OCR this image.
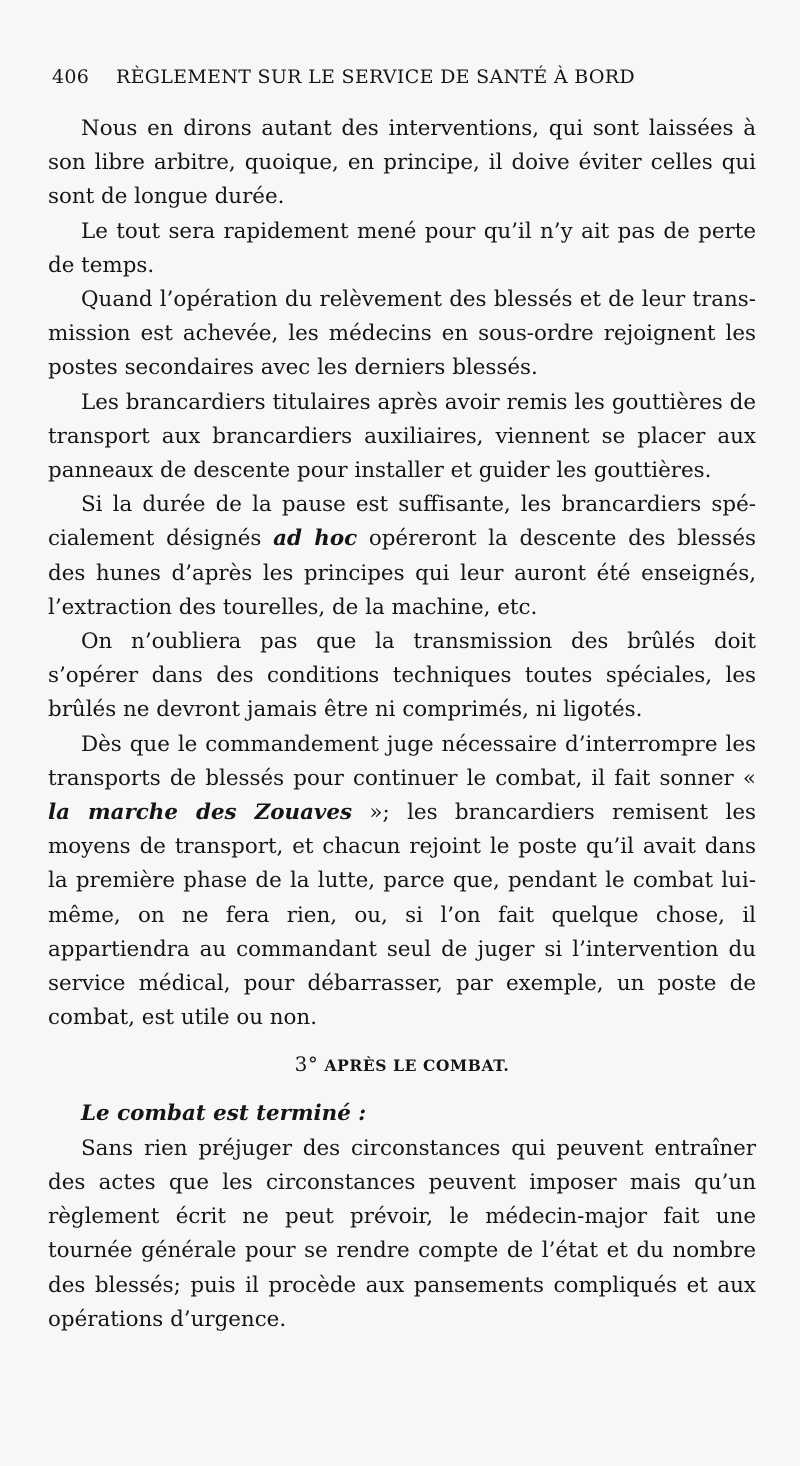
406 RÈGLEMENT SUR LE SERVICE DE SANTÉ À BORD

Nous en dirons autant des interventions, qui sont laissées à son libre arbitre, quoique, en principe, il doive éviter celles qui sont de longue durée.

Le tout sera rapidement mené pour qu’il n’y ait pas de perte de temps.

Quand l’opération du relèvement des blessés et de leur transmission est achevée, les médecins en sous-ordre rejoignent les postes secondaires avec les derniers blessés.

Les brancardiers titulaires après avoir remis les gouttières de transport aux brancardiers auxiliaires, viennent se placer aux panneaux de descente pour installer et guider les gouttières.

Si la durée de la pause est suffisante, les brancardiers spécialement désignés ad hoc opéreront la descente des blessés des hunes d’après les principes qui leur auront été enseignés, l’extraction des tourelles, de la machine, etc.

On n’oubliera pas que la transmission des brûlés doit s’opérer dans des conditions techniques toutes spéciales, les brûlés ne devront jamais être ni comprimés, ni ligotés.

Dès que le commandement juge nécessaire d’interrompre les transports de blessés pour continuer le combat, il fait sonner « la marche des Zouaves »; les brancardiers remisent les moyens de transport, et chacun rejoint le poste qu’il avait dans la première phase de la lutte, parce que, pendant le combat lui-même, on ne fera rien, ou, si l’on fait quelque chose, il appartiendra au commandant seul de juger si l’intervention du service médical, pour débarrasser, par exemple, un poste de combat, est utile ou non.

3° APRÈS LE COMBAT.

Le combat est terminé :

Sans rien préjuger des circonstances qui peuvent entraîner des actes que les circonstances peuvent imposer mais qu’un règlement écrit ne peut prévoir, le médecin-major fait une tournée générale pour se rendre compte de l’état et du nombre des blessés; puis il procède aux pansements compliqués et aux opérations d’urgence.
